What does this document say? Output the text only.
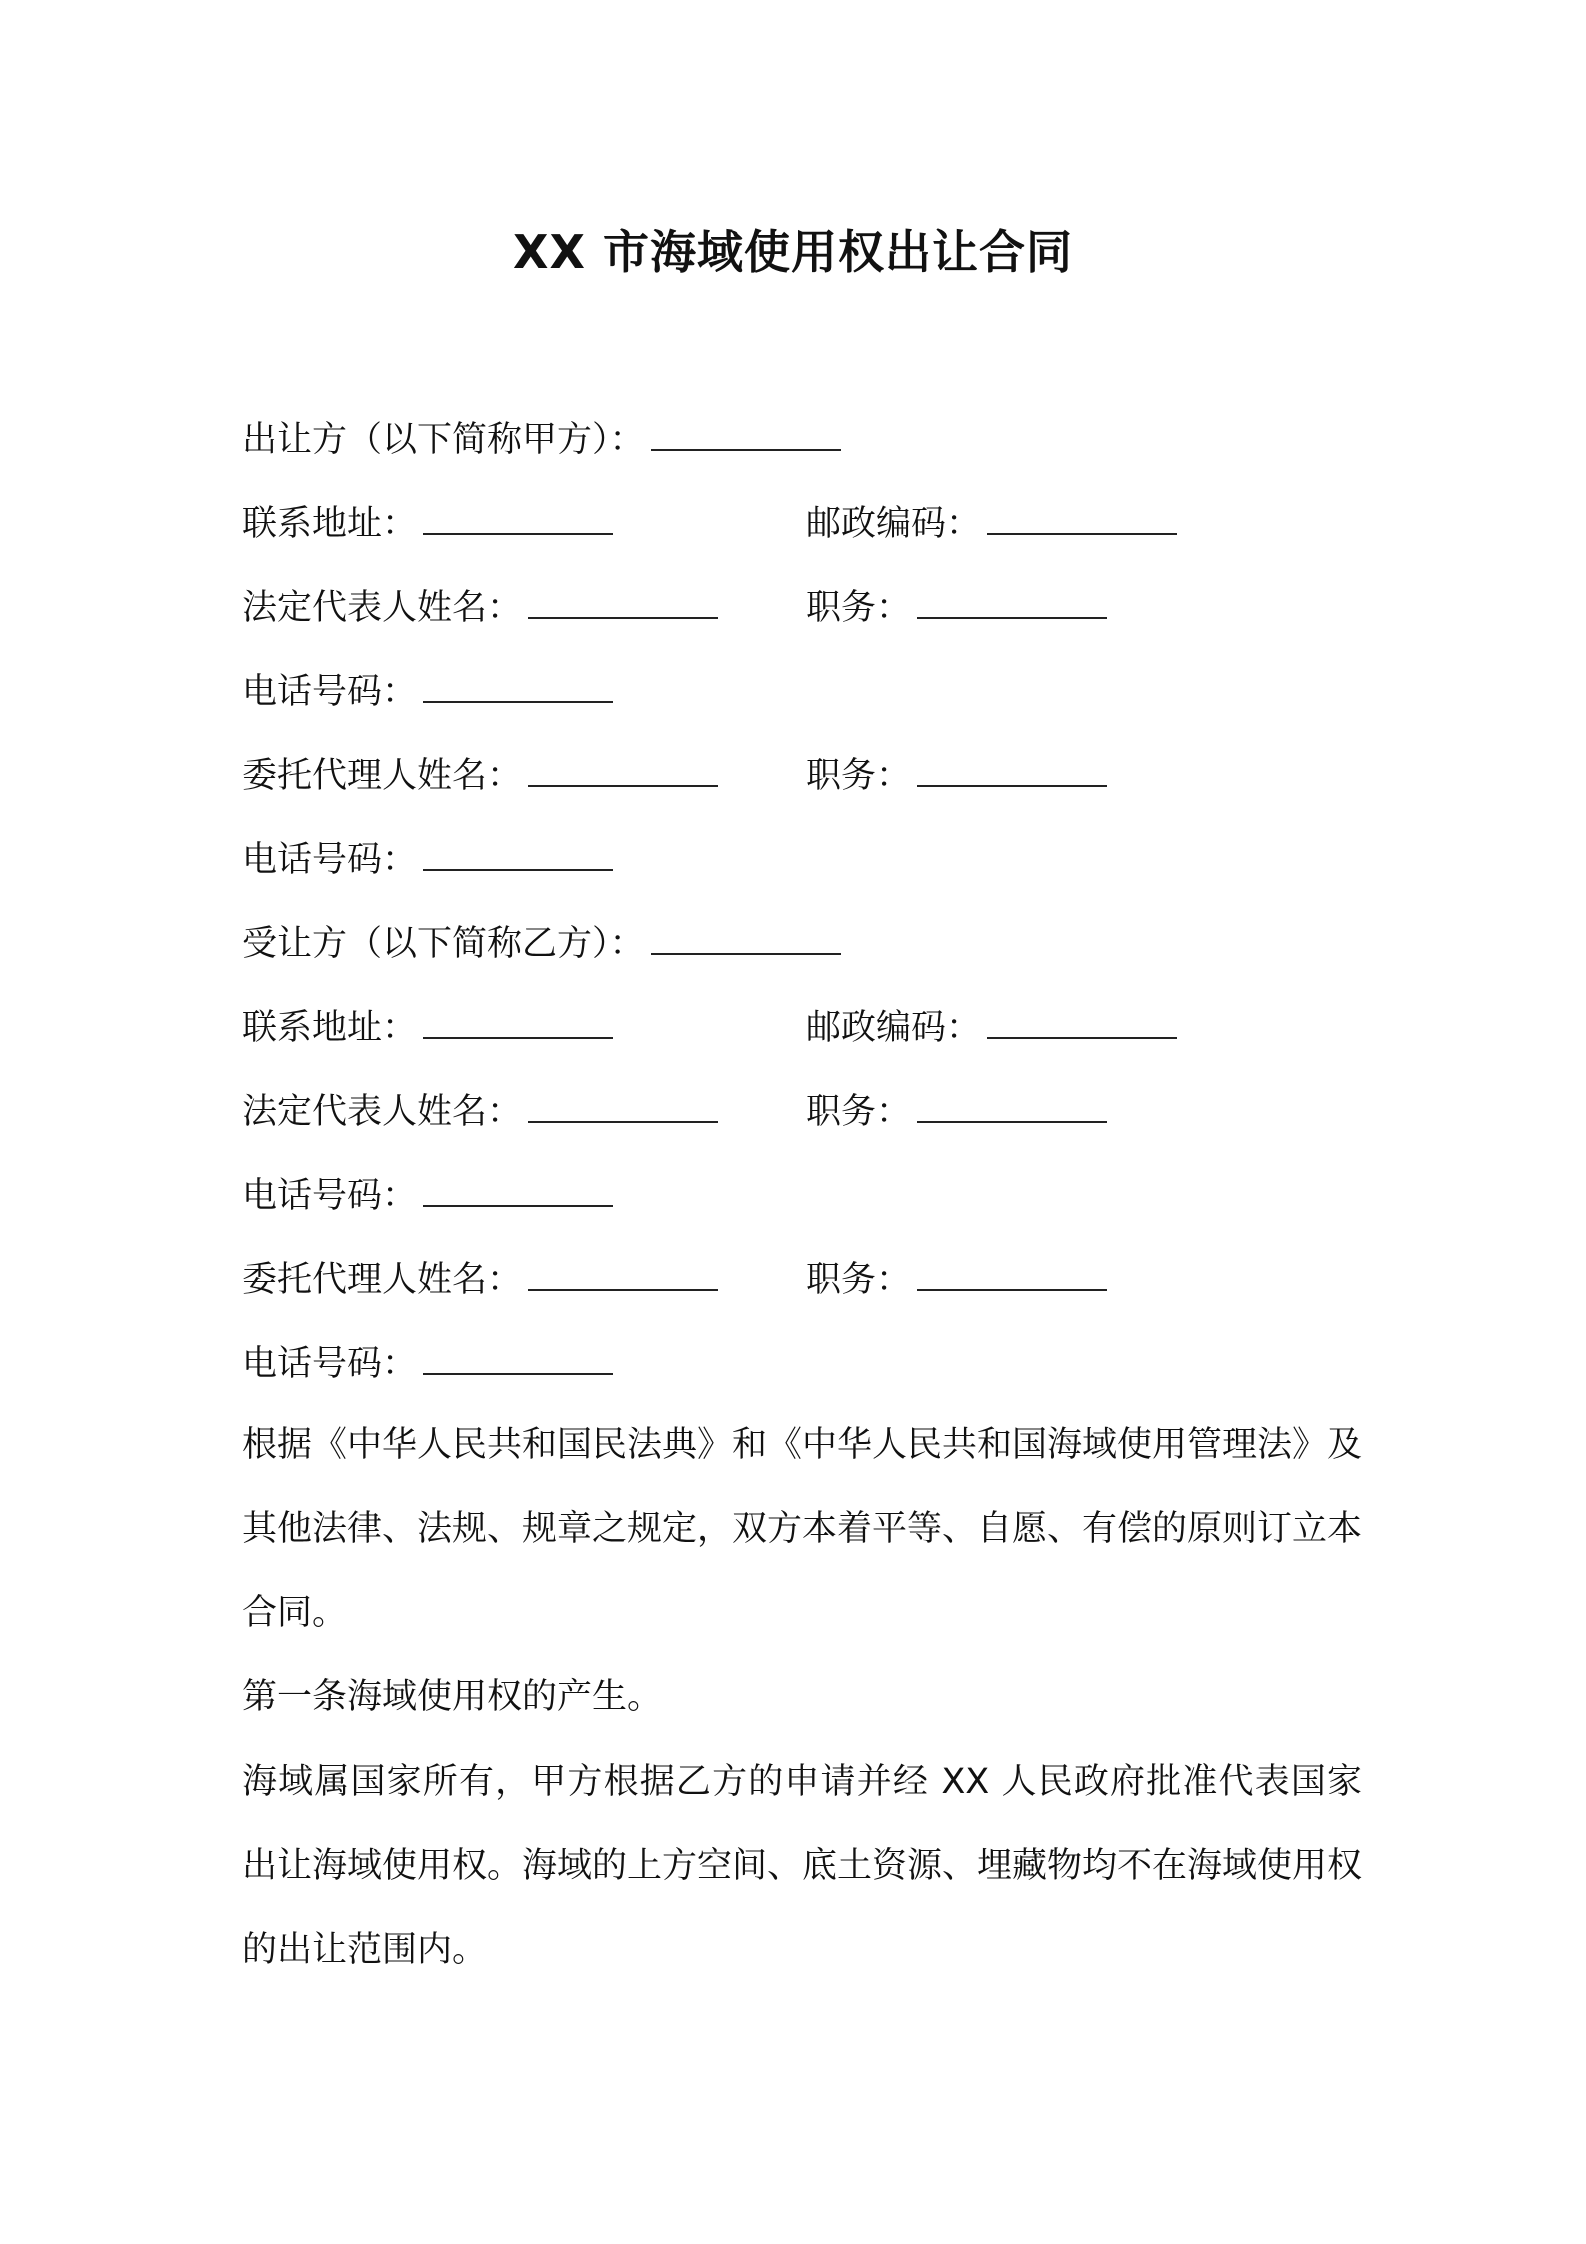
XX 市海域使用权出让合同
出让方（以下简称甲方）：
联系地址：	邮政编码：
法定代表人姓名：	职务：
电话号码：
委托代理人姓名：	职务：
电话号码：
受让方（以下简称乙方）：
联系地址：	邮政编码：
法定代表人姓名：	职务：
电话号码：
委托代理人姓名：	职务：
电话号码：

根据《中华人民共和国民法典》和《中华人民共和国海域使用管理法》及其他法律、法规、规章之规定，双方本着平等、自愿、有偿的原则订立本合同。

第一条海域使用权的产生。

海域属国家所有，甲方根据乙方的申请并经 XX 人民政府批准代表国家出让海域使用权。海域的上方空间、底土资源、埋藏物均不在海域使用权的出让范围内。
